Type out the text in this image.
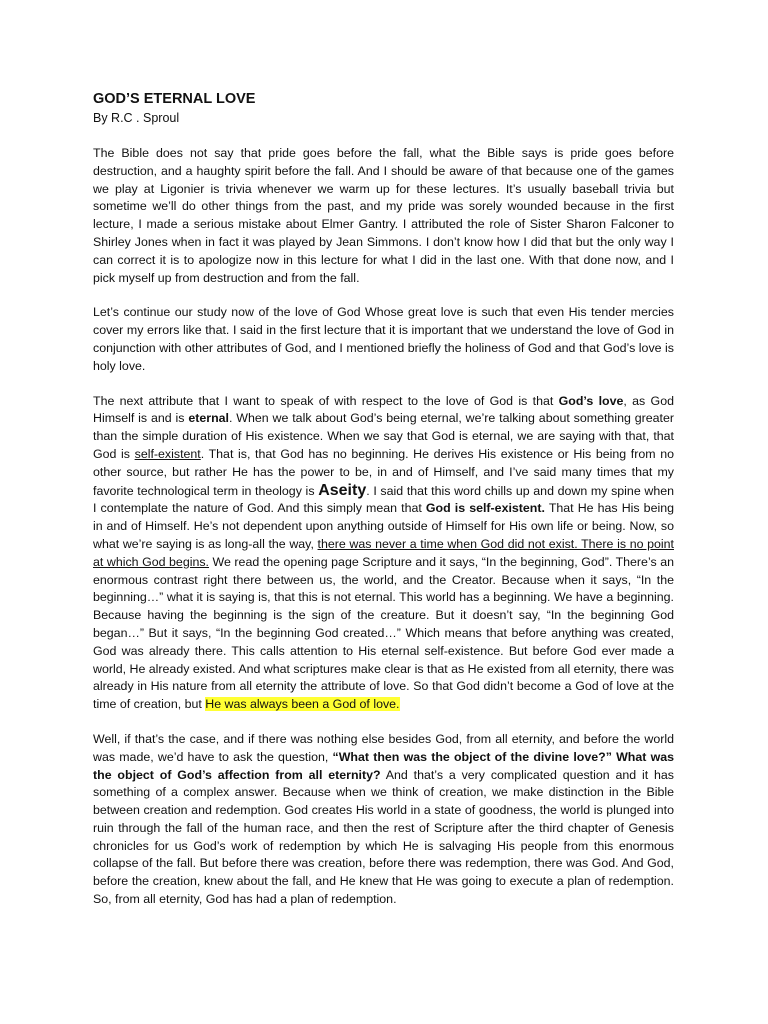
GOD’S ETERNAL LOVE

By R.C . Sproul

The Bible does not say that pride goes before the fall, what the Bible says is pride goes before destruction, and a haughty spirit before the fall. And I should be aware of that because one of the games we play at Ligonier is trivia whenever we warm up for these lectures. It’s usually baseball trivia but sometime we’ll do other things from the past, and my pride was sorely wounded because in the first lecture, I made a serious mistake about Elmer Gantry. I attributed the role of Sister Sharon Falconer to Shirley Jones when in fact it was played by Jean Simmons. I don’t know how I did that but the only way I can correct it is to apologize now in this lecture for what I did in the last one. With that done now, and I pick myself up from destruction and from the fall.

Let’s continue our study now of the love of God Whose great love is such that even His tender mercies cover my errors like that. I said in the first lecture that it is important that we understand the love of God in conjunction with other attributes of God, and I mentioned briefly the holiness of God and that God’s love is holy love.

The next attribute that I want to speak of with respect to the love of God is that God’s love, as God Himself is and is eternal. When we talk about God’s being eternal, we’re talking about something greater than the simple duration of His existence. When we say that God is eternal, we are saying with that, that God is self-existent. That is, that God has no beginning. He derives His existence or His being from no other source, but rather He has the power to be, in and of Himself, and I’ve said many times that my favorite technological term in theology is Aseity. I said that this word chills up and down my spine when I contemplate the nature of God. And this simply mean that God is self-existent. That He has His being in and of Himself. He’s not dependent upon anything outside of Himself for His own life or being. Now, so what we’re saying is as long-all the way, there was never a time when God did not exist. There is no point at which God begins. We read the opening page Scripture and it says, “In the beginning, God”. There’s an enormous contrast right there between us, the world, and the Creator. Because when it says, “In the beginning…” what it is saying is, that this is not eternal. This world has a beginning. We have a beginning. Because having the beginning is the sign of the creature. But it doesn’t say, “In the beginning God began…” But it says, “In the beginning God created…” Which means that before anything was created, God was already there. This calls attention to His eternal self-existence. But before God ever made a world, He already existed. And what scriptures make clear is that as He existed from all eternity, there was already in His nature from all eternity the attribute of love. So that God didn’t become a God of love at the time of creation, but He was always been a God of love.

Well, if that’s the case, and if there was nothing else besides God, from all eternity, and before the world was made, we’d have to ask the question, “What then was the object of the divine love?” What was the object of God’s affection from all eternity? And that’s a very complicated question and it has something of a complex answer. Because when we think of creation, we make distinction in the Bible between creation and redemption. God creates His world in a state of goodness, the world is plunged into ruin through the fall of the human race, and then the rest of Scripture after the third chapter of Genesis chronicles for us God’s work of redemption by which He is salvaging His people from this enormous collapse of the fall. But before there was creation, before there was redemption, there was God. And God, before the creation, knew about the fall, and He knew that He was going to execute a plan of redemption. So, from all eternity, God has had a plan of redemption.
